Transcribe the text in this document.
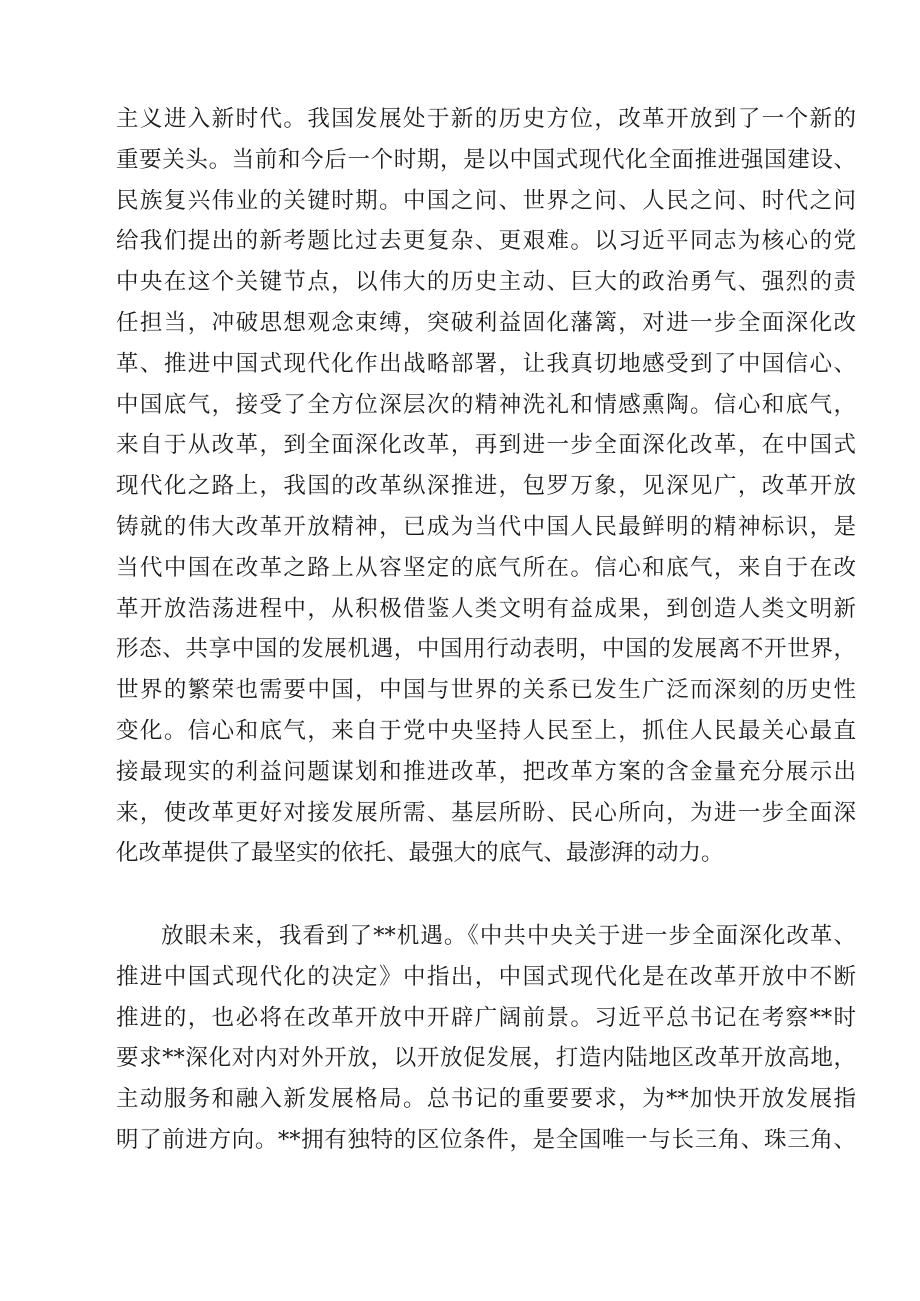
主义进入新时代。我国发展处于新的历史方位，改革开放到了一个新的
重要关头。当前和今后一个时期，是以中国式现代化全面推进强国建设、
民族复兴伟业的关键时期。中国之问、世界之问、人民之问、时代之问
给我们提出的新考题比过去更复杂、更艰难。以习近平同志为核心的党
中央在这个关键节点，以伟大的历史主动、巨大的政治勇气、强烈的责
任担当，冲破思想观念束缚，突破利益固化藩篱，对进一步全面深化改
革、推进中国式现代化作出战略部署，让我真切地感受到了中国信心、
中国底气，接受了全方位深层次的精神洗礼和情感熏陶。信心和底气，
来自于从改革，到全面深化改革，再到进一步全面深化改革，在中国式
现代化之路上，我国的改革纵深推进，包罗万象，见深见广，改革开放
铸就的伟大改革开放精神，已成为当代中国人民最鲜明的精神标识，是
当代中国在改革之路上从容坚定的底气所在。信心和底气，来自于在改
革开放浩荡进程中，从积极借鉴人类文明有益成果，到创造人类文明新
形态、共享中国的发展机遇，中国用行动表明，中国的发展离不开世界，
世界的繁荣也需要中国，中国与世界的关系已发生广泛而深刻的历史性
变化。信心和底气，来自于党中央坚持人民至上，抓住人民最关心最直
接最现实的利益问题谋划和推进改革，把改革方案的含金量充分展示出
来，使改革更好对接发展所需、基层所盼、民心所向，为进一步全面深
化改革提供了最坚实的依托、最强大的底气、最澎湃的动力。
放眼未来，我看到了**机遇。《中共中央关于进一步全面深化改革、
推进中国式现代化的决定》中指出，中国式现代化是在改革开放中不断
推进的，也必将在改革开放中开辟广阔前景。习近平总书记在考察**时
要求**深化对内对外开放，以开放促发展，打造内陆地区改革开放高地，
主动服务和融入新发展格局。总书记的重要要求，为**加快开放发展指
明了前进方向。**拥有独特的区位条件，是全国唯一与长三角、珠三角、
